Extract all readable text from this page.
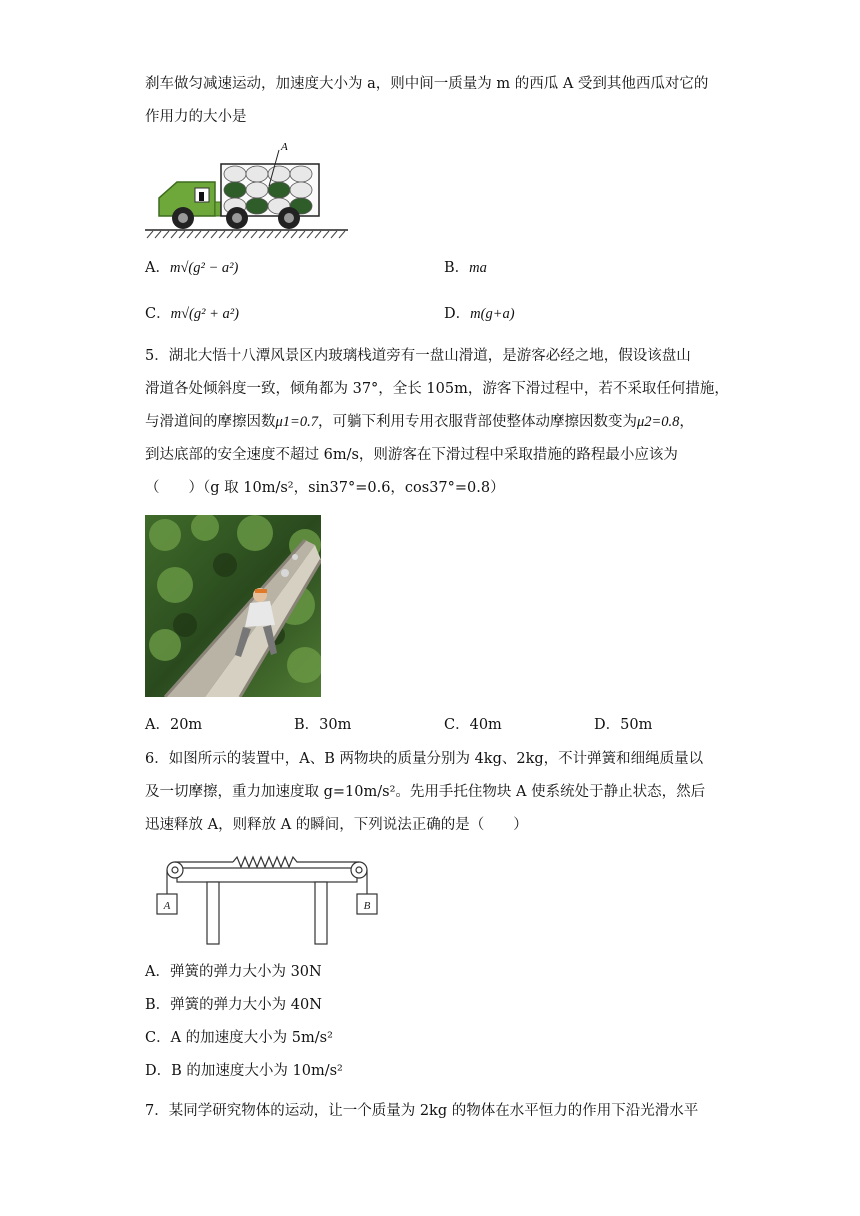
刹车做匀减速运动，加速度大小为 a，则中间一质量为 m 的西瓜 A 受到其他西瓜对它的
作用力的大小是
A
A．m√(g² − a²)	B．ma
C．m√(g² + a²)	D．m(g+a)
5．湖北大悟十八潭风景区内玻璃栈道旁有一盘山滑道，是游客必经之地，假设该盘山
滑道各处倾斜度一致，倾角都为 37°，全长 105m，游客下滑过程中，若不采取任何措施，
与滑道间的摩擦因数μ1=0.7，可躺下利用专用衣服背部使整体动摩擦因数变为μ2=0.8，
到达底部的安全速度不超过 6m/s，则游客在下滑过程中采取措施的路程最小应该为
（　　）（g 取 10m/s²，sin37°=0.6，cos37°=0.8）
A．20m	B．30m	C．40m	D．50m
6．如图所示的装置中，A、B 两物块的质量分别为 4kg、2kg，不计弹簧和细绳质量以
及一切摩擦，重力加速度取 g=10m/s²。先用手托住物块 A 使系统处于静止状态，然后
迅速释放 A，则释放 A 的瞬间，下列说法正确的是（　　）
A	B
A．弹簧的弹力大小为 30N
B．弹簧的弹力大小为 40N
C．A 的加速度大小为 5m/s²
D．B 的加速度大小为 10m/s²
7．某同学研究物体的运动，让一个质量为 2kg 的物体在水平恒力的作用下沿光滑水平
